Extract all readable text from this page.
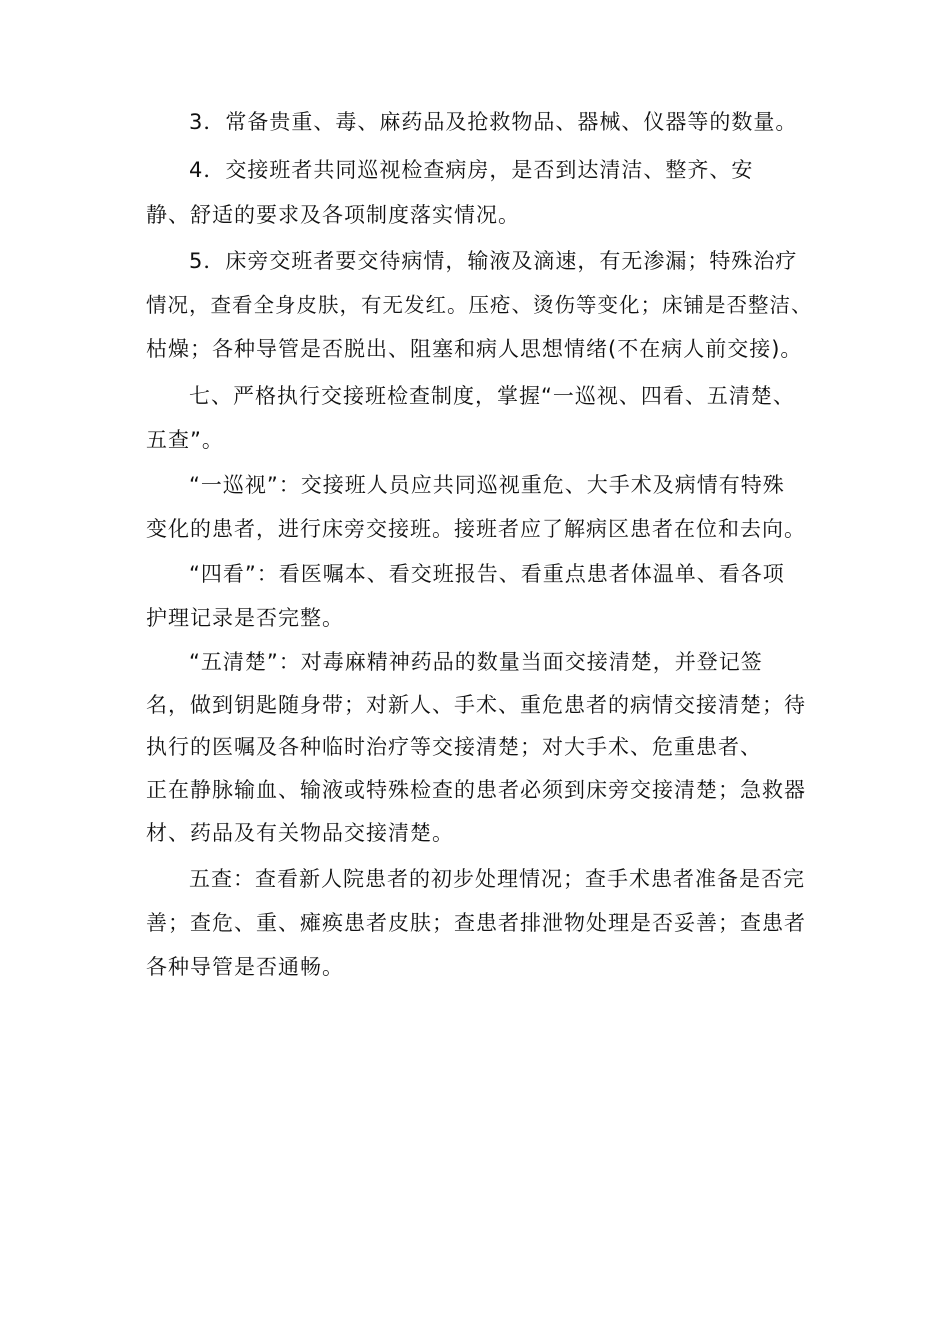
3．常备贵重、毒、麻药品及抢救物品、器械、仪器等的数量。
4．交接班者共同巡视检查病房，是否到达清洁、整齐、安
静、舒适的要求及各项制度落实情况。
5．床旁交班者要交待病情，输液及滴速，有无渗漏；特殊治疗
情况，查看全身皮肤，有无发红。压疮、烫伤等变化；床铺是否整洁、
枯燥；各种导管是否脱出、阻塞和病人思想情绪(不在病人前交接)。
七、严格执行交接班检查制度，掌握“一巡视、四看、五清楚、
五查”。
“一巡视”：交接班人员应共同巡视重危、大手术及病情有特殊
变化的患者，进行床旁交接班。接班者应了解病区患者在位和去向。
“四看”：看医嘱本、看交班报告、看重点患者体温单、看各项
护理记录是否完整。
“五清楚”：对毒麻精神药品的数量当面交接清楚，并登记签
名，做到钥匙随身带；对新人、手术、重危患者的病情交接清楚；待
执行的医嘱及各种临时治疗等交接清楚；对大手术、危重患者、
正在静脉输血、输液或特殊检查的患者必须到床旁交接清楚；急救器
材、药品及有关物品交接清楚。
五查：查看新人院患者的初步处理情况；查手术患者准备是否完
善；查危、重、瘫痪患者皮肤；查患者排泄物处理是否妥善；查患者
各种导管是否通畅。
